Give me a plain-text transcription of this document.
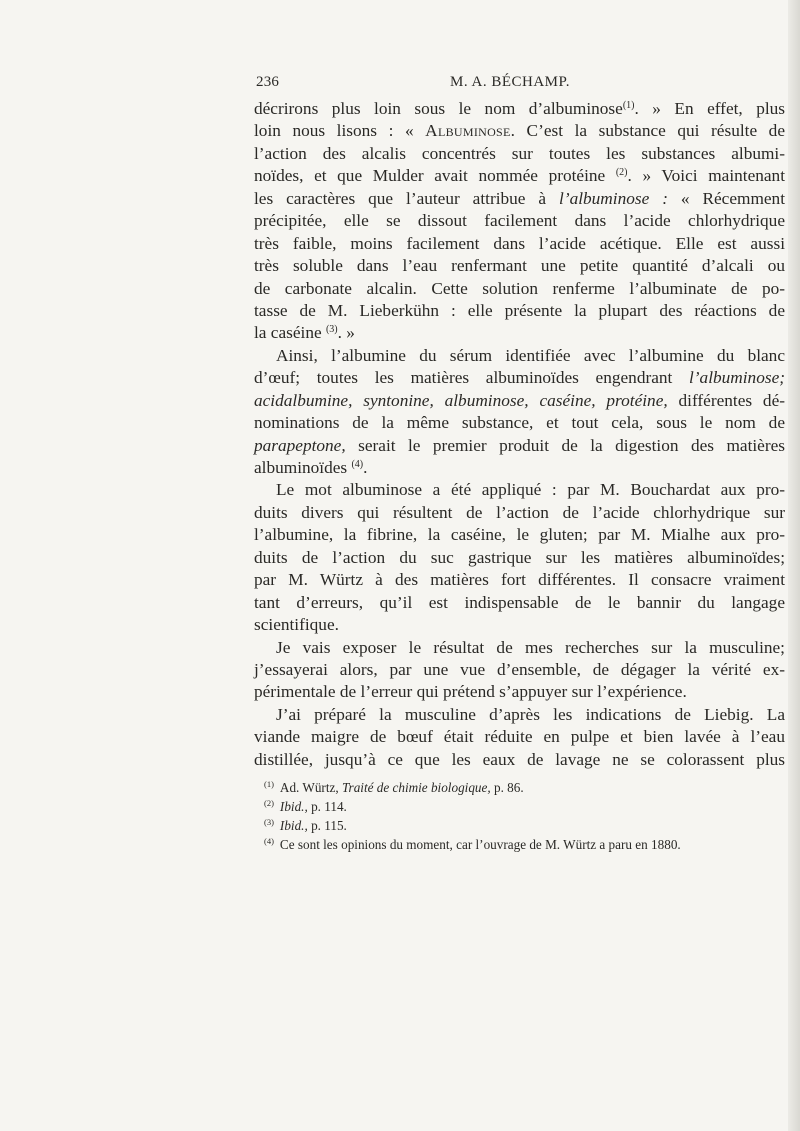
236	M. A. BÉCHAMP.
décrirons plus loin sous le nom d’albuminose$^{(1)}$. » En effet, plus
loin nous lisons : « Albuminose. C’est la substance qui résulte de
l’action des alcalis concentrés sur toutes les substances albumi-
noïdes, et que Mulder avait nommée protéine $^{(2)}$. » Voici maintenant
les caractères que l’auteur attribue à l’albuminose : « Récemment
précipitée, elle se dissout facilement dans l’acide chlorhydrique
très faible, moins facilement dans l’acide acétique. Elle est aussi
très soluble dans l’eau renfermant une petite quantité d’alcali ou
de carbonate alcalin. Cette solution renferme l’albuminate de po-
tasse de M. Lieberkühn : elle présente la plupart des réactions de
la caséine $^{(3)}$. »
Ainsi, l’albumine du sérum identifiée avec l’albumine du blanc
d’œuf; toutes les matières albuminoïdes engendrant l’albuminose;
acidalbumine, syntonine, albuminose, caséine, protéine, différentes dé-
nominations de la même substance, et tout cela, sous le nom de
parapeptone, serait le premier produit de la digestion des matières
albuminoïdes $^{(4)}$.
Le mot albuminose a été appliqué : par M. Bouchardat aux pro-
duits divers qui résultent de l’action de l’acide chlorhydrique sur
l’albumine, la fibrine, la caséine, le gluten; par M. Mialhe aux pro-
duits de l’action du suc gastrique sur les matières albuminoïdes;
par M. Würtz à des matières fort différentes. Il consacre vraiment
tant d’erreurs, qu’il est indispensable de le bannir du langage
scientifique.
Je vais exposer le résultat de mes recherches sur la musculine;
j’essayerai alors, par une vue d’ensemble, de dégager la vérité ex-
périmentale de l’erreur qui prétend s’appuyer sur l’expérience.
J’ai préparé la musculine d’après les indications de Liebig. La
viande maigre de bœuf était réduite en pulpe et bien lavée à l’eau
distillée, jusqu’à ce que les eaux de lavage ne se colorassent plus
$^{(1)}$ Ad. Würtz, Traité de chimie biologique, p. 86.
$^{(2)}$ Ibid., p. 114.
$^{(3)}$ Ibid., p. 115.
$^{(4)}$ Ce sont les opinions du moment, car l’ouvrage de M. Würtz a paru en 1880.
